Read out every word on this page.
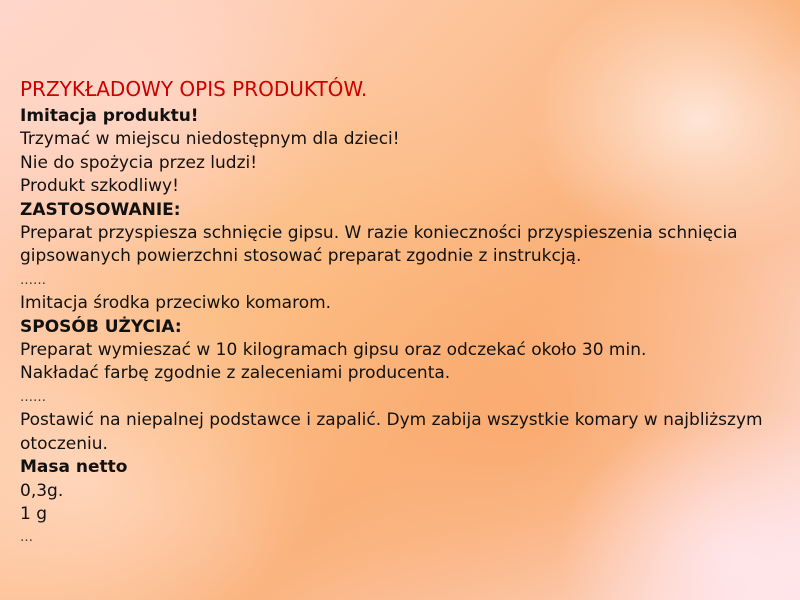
PRZYKŁADOWY OPIS PRODUKTÓW.
Imitacja produktu!
Trzymać w miejscu niedostępnym dla dzieci!
Nie do spożycia przez ludzi!
Produkt szkodliwy!
ZASTOSOWANIE:
Preparat przyspiesza schnięcie gipsu. W razie konieczności przyspieszenia schnięcia gipsowanych powierzchni stosować preparat zgodnie z instrukcją.
……
Imitacja środka przeciwko komarom.
SPOSÓB UŻYCIA:
Preparat wymieszać w 10 kilogramach gipsu oraz odczekać około 30 min.
Nakładać farbę zgodnie z zaleceniami producenta.
……
Postawić na niepalnej podstawce i zapalić. Dym zabija wszystkie komary w najbliższym otoczeniu.
Masa netto
0,3g.
1 g
…
